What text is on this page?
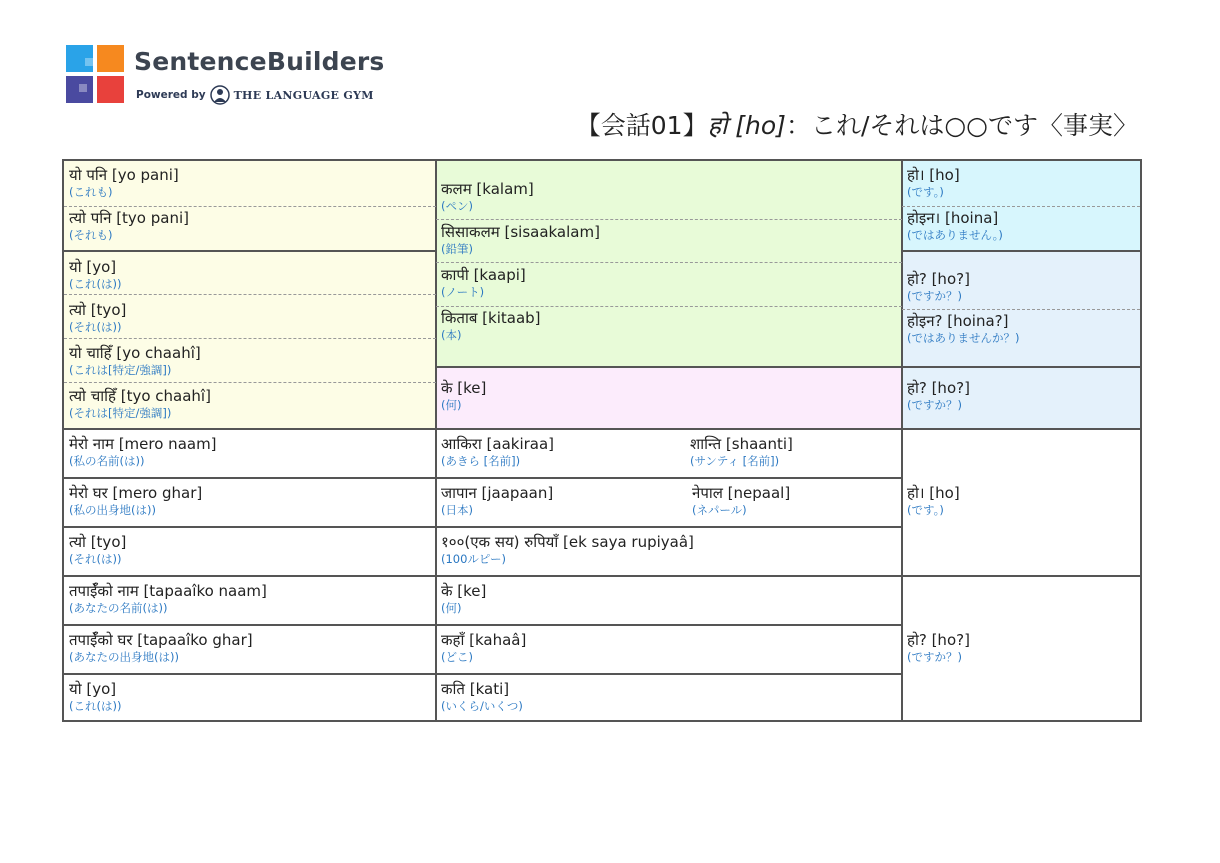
SentenceBuilders
Powered by	THE LANGUAGE GYM
【会話01】हो [ho]：これ/それは○○です〈事実〉
यो पनि [yo pani]
(これも)
त्यो पनि [tyo pani]
(それも)
यो [yo]
(これ(は))
त्यो [tyo]
(それ(は))
यो चाहिँ [yo chaahî]
(これは[特定/強調])
त्यो चाहिँ [tyo chaahî]
(それは[特定/強調])
मेरो नाम [mero naam]
(私の名前(は))
मेरो घर [mero ghar]
(私の出身地(は))
त्यो [tyo]
(それ(は))
तपाईँको नाम [tapaaîko naam]
(あなたの名前(は))
तपाईँको घर [tapaaîko ghar]
(あなたの出身地(は))
यो [yo]
(これ(は))
कलम [kalam]
(ペン)
सिसाकलम [sisaakalam]
(鉛筆)
कापी [kaapi]
(ノート)
किताब [kitaab]
(本)
के [ke]
(何)
आकिरा [aakiraa]
(あきら [名前])
शान्ति [shaanti]
(サンティ [名前])
जापान [jaapaan]
(日本)
नेपाल [nepaal]
(ネパール)
१००(एक सय) रुपियाँ [ek saya rupiyaâ]
(100ルピー)
के [ke]
(何)
कहाँ [kahaâ]
(どこ)
कति [kati]
(いくら/いくつ)
हो। [ho]
(です。)
होइन। [hoina]
(ではありません。)
हो? [ho?]
(ですか？)
होइन? [hoina?]
(ではありませんか？)
हो? [ho?]
(ですか？)
हो। [ho]
(です。)
हो? [ho?]
(ですか？)
